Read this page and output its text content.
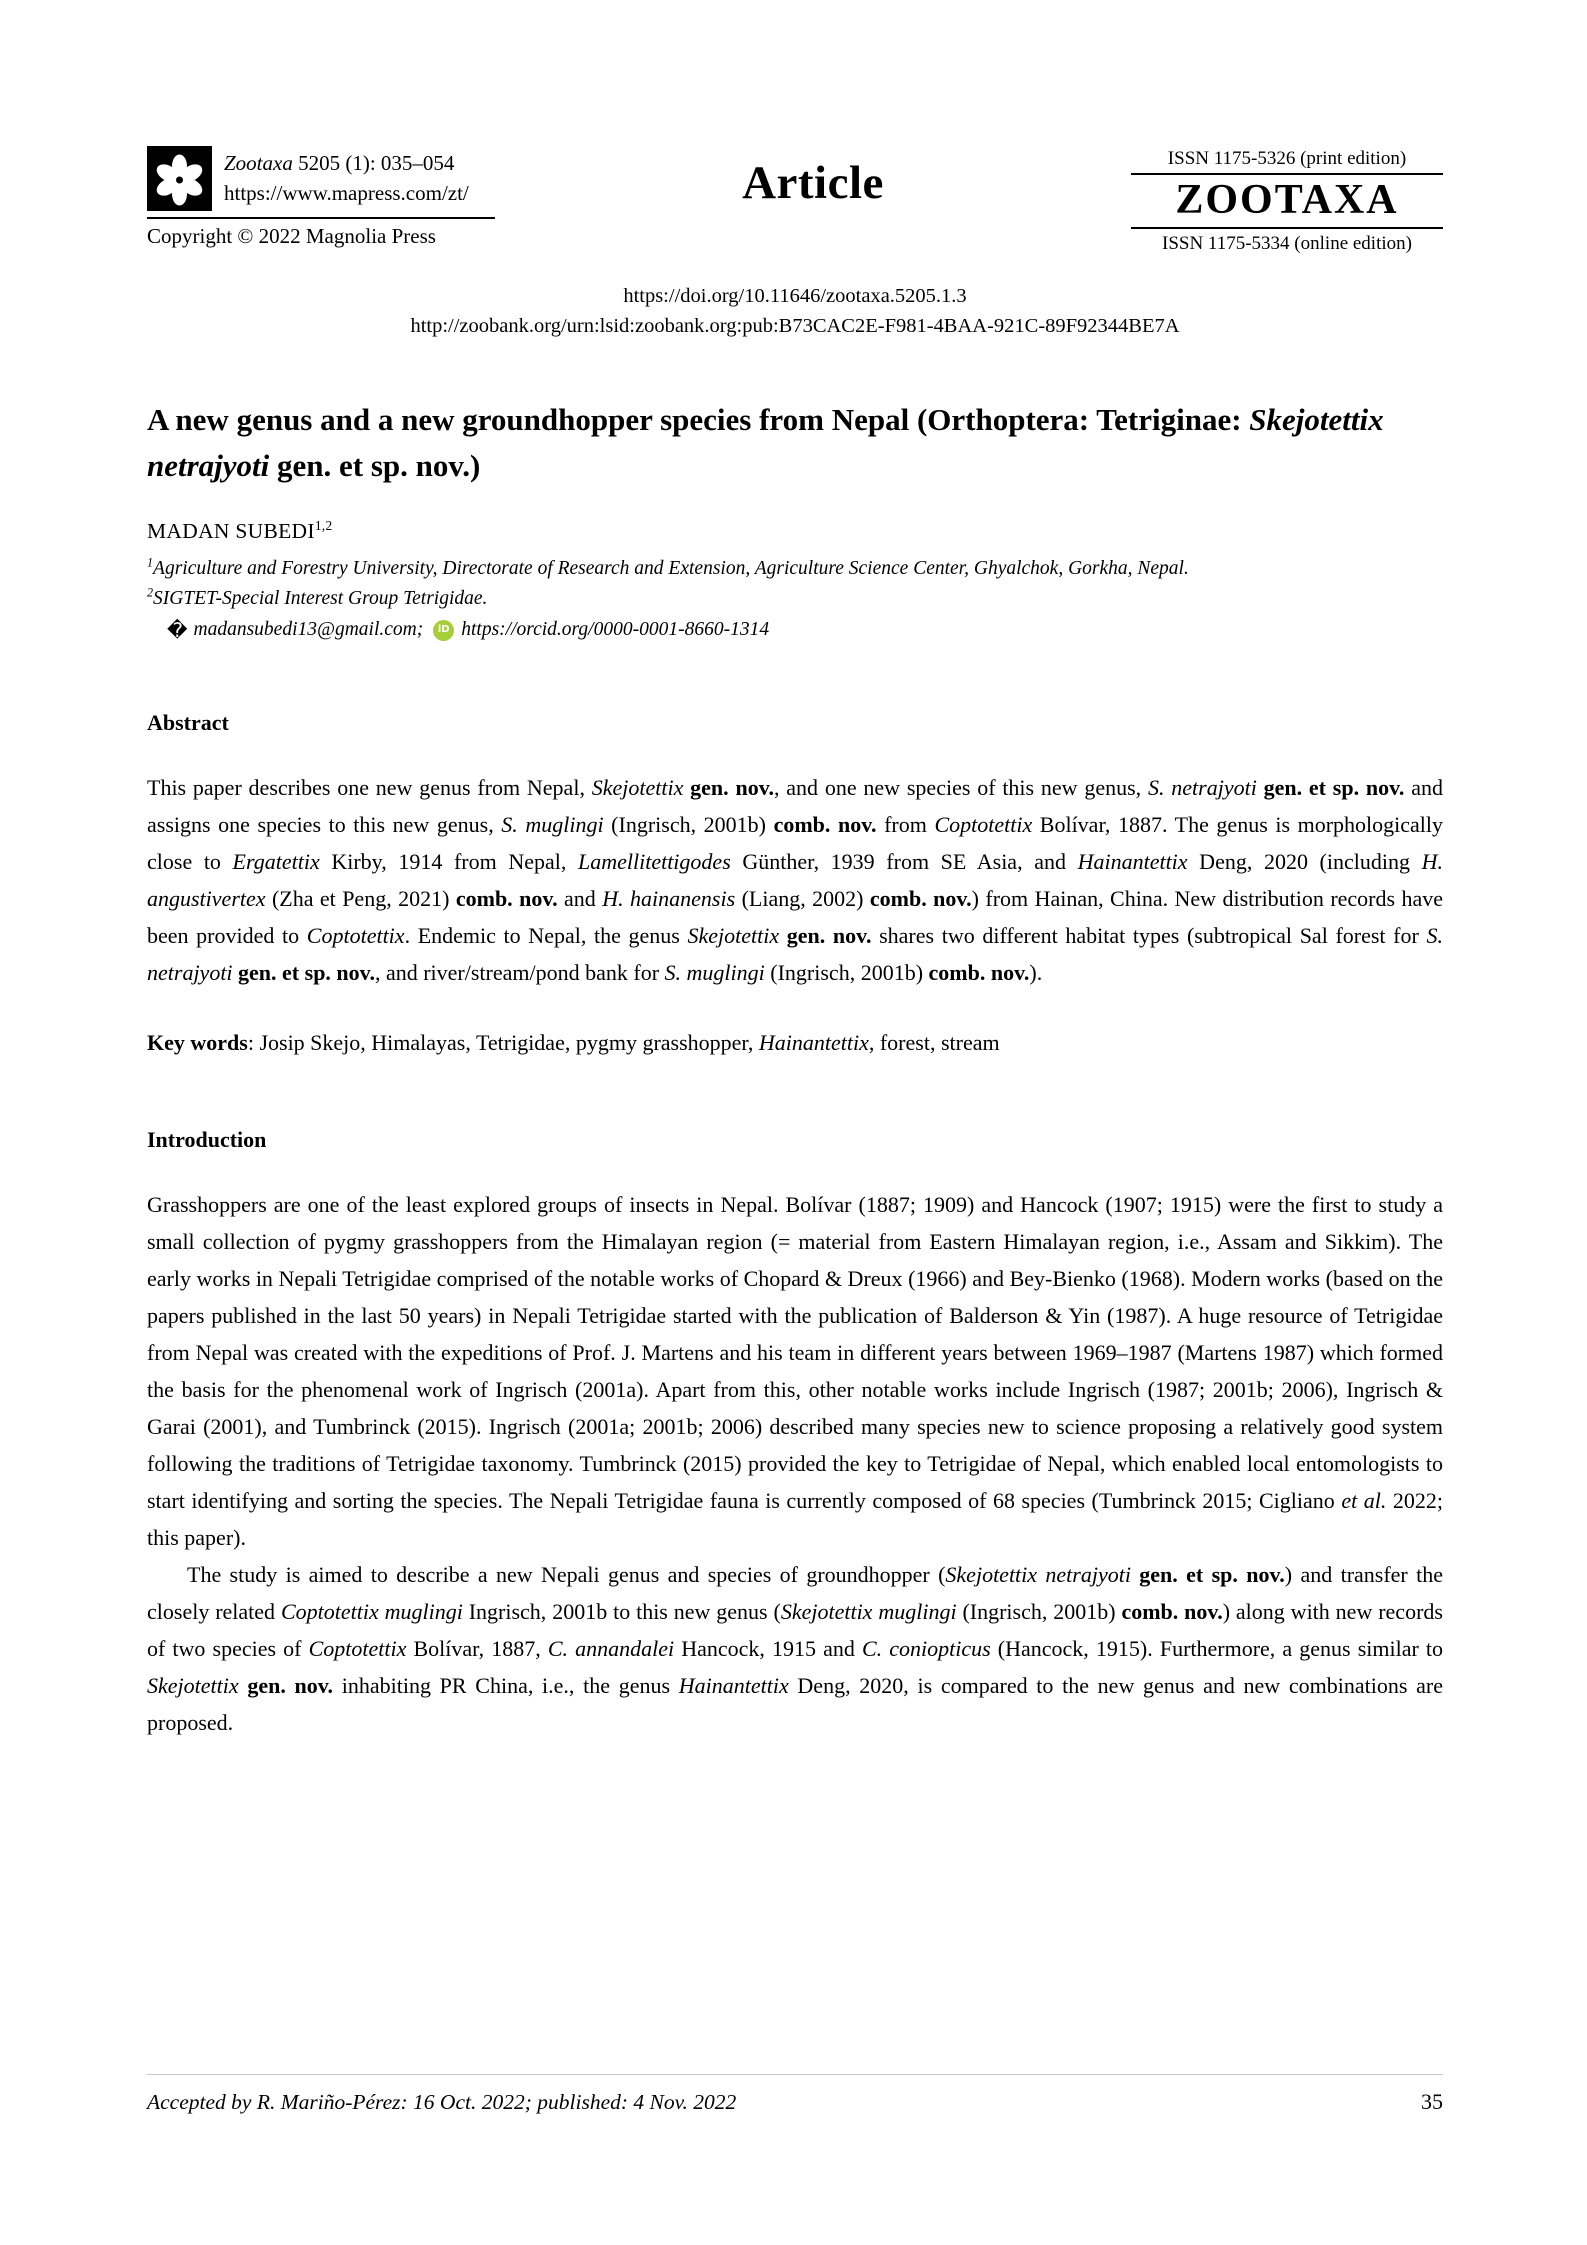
Zootaxa 5205 (1): 035–054
https://www.mapress.com/zt/
Copyright © 2022 Magnolia Press
Article	ISSN 1175-5326 (print edition)
ZOOTAXA
ISSN 1175-5334 (online edition)
https://doi.org/10.11646/zootaxa.5205.1.3
http://zoobank.org/urn:lsid:zoobank.org:pub:B73CAC2E-F981-4BAA-921C-89F92344BE7A
A new genus and a new groundhopper species from Nepal (Orthoptera: Tetriginae: Skejotettix netrajyoti gen. et sp. nov.)
MADAN SUBEDI$^{1,2}$
$^1$Agriculture and Forestry University, Directorate of Research and Extension, Agriculture Science Center, Ghyalchok, Gorkha, Nepal.
$^2$SIGTET-Special Interest Group Tetrigidae.
� madansubedi13@gmail.com;	iD https://orcid.org/0000-0001-8660-1314
Abstract

This paper describes one new genus from Nepal, Skejotettix gen. nov., and one new species of this new genus, S. netrajyoti gen. et sp. nov. and assigns one species to this new genus, S. muglingi (Ingrisch, 2001b) comb. nov. from Coptotettix Bolívar, 1887. The genus is morphologically close to Ergatettix Kirby, 1914 from Nepal, Lamellitettigodes Günther, 1939 from SE Asia, and Hainantettix Deng, 2020 (including H. angustivertex (Zha et Peng, 2021) comb. nov. and H. hainanensis (Liang, 2002) comb. nov.) from Hainan, China. New distribution records have been provided to Coptotettix. Endemic to Nepal, the genus Skejotettix gen. nov. shares two different habitat types (subtropical Sal forest for S. netrajyoti gen. et sp. nov., and river/stream/pond bank for S. muglingi (Ingrisch, 2001b) comb. nov.).

Key words: Josip Skejo, Himalayas, Tetrigidae, pygmy grasshopper, Hainantettix, forest, stream

Introduction

Grasshoppers are one of the least explored groups of insects in Nepal. Bolívar (1887; 1909) and Hancock (1907; 1915) were the first to study a small collection of pygmy grasshoppers from the Himalayan region (= material from Eastern Himalayan region, i.e., Assam and Sikkim). The early works in Nepali Tetrigidae comprised of the notable works of Chopard & Dreux (1966) and Bey-Bienko (1968). Modern works (based on the papers published in the last 50 years) in Nepali Tetrigidae started with the publication of Balderson & Yin (1987). A huge resource of Tetrigidae from Nepal was created with the expeditions of Prof. J. Martens and his team in different years between 1969–1987 (Martens 1987) which formed the basis for the phenomenal work of Ingrisch (2001a). Apart from this, other notable works include Ingrisch (1987; 2001b; 2006), Ingrisch & Garai (2001), and Tumbrinck (2015). Ingrisch (2001a; 2001b; 2006) described many species new to science proposing a relatively good system following the traditions of Tetrigidae taxonomy. Tumbrinck (2015) provided the key to Tetrigidae of Nepal, which enabled local entomologists to start identifying and sorting the species. The Nepali Tetrigidae fauna is currently composed of 68 species (Tumbrinck 2015; Cigliano et al. 2022; this paper).

The study is aimed to describe a new Nepali genus and species of groundhopper (Skejotettix netrajyoti gen. et sp. nov.) and transfer the closely related Coptotettix muglingi Ingrisch, 2001b to this new genus (Skejotettix muglingi (Ingrisch, 2001b) comb. nov.) along with new records of two species of Coptotettix Bolívar, 1887, C. annandalei Hancock, 1915 and C. coniopticus (Hancock, 1915). Furthermore, a genus similar to Skejotettix gen. nov. inhabiting PR China, i.e., the genus Hainantettix Deng, 2020, is compared to the new genus and new combinations are proposed.

Accepted by R. Mariño-Pérez: 16 Oct. 2022; published: 4 Nov. 2022	35
